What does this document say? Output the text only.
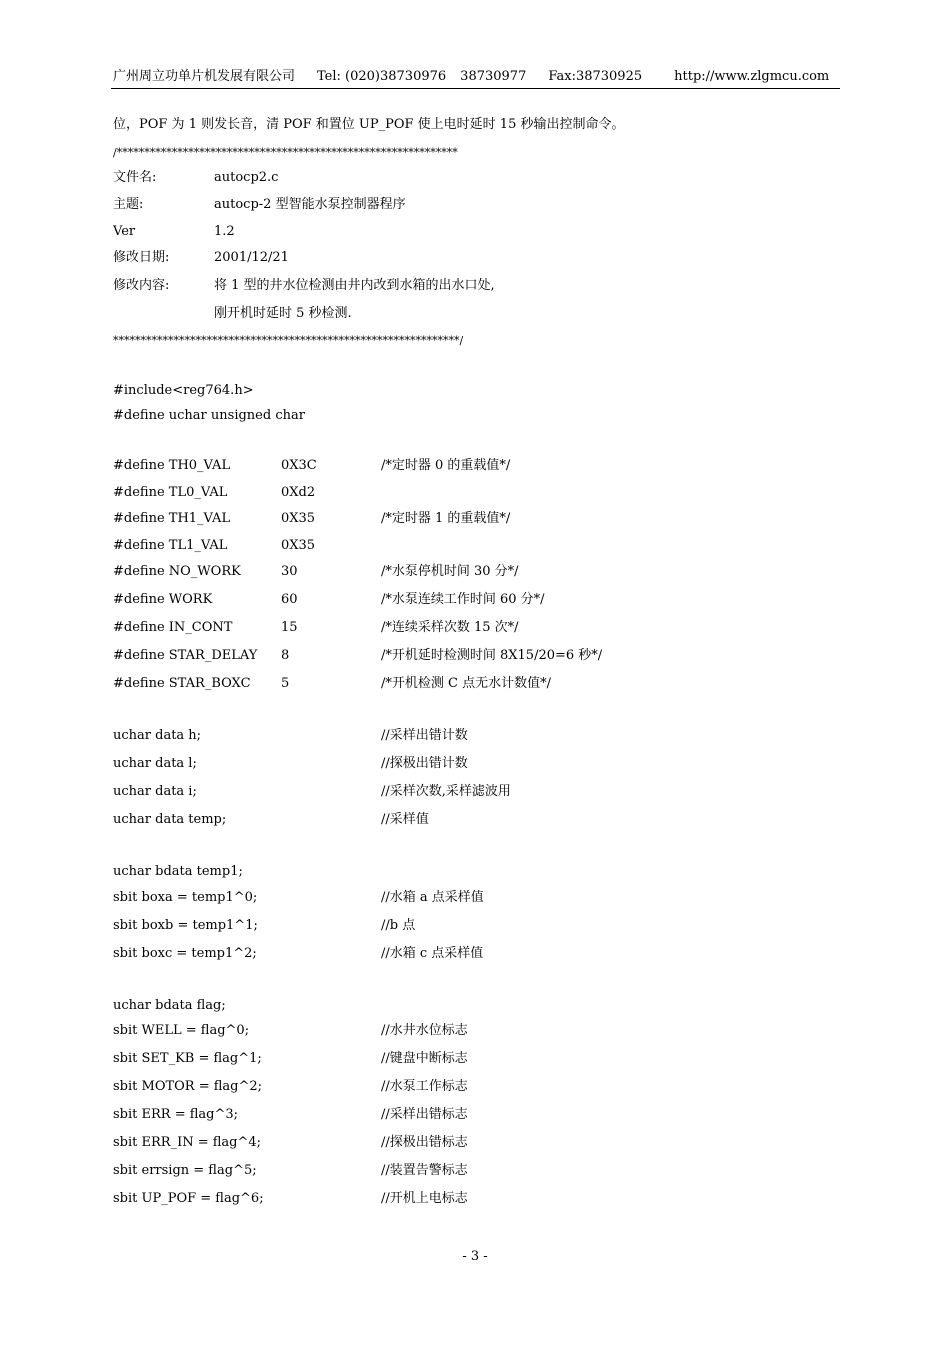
广州周立功单片机发展有限公司 Tel: (020)38730976 38730977 Fax:38730925 http://www.zlgmcu.com
位，POF 为 1 则发长音，清 POF 和置位 UP_POF 使上电时延时 15 秒输出控制命令。
/**************************************************************
文件名:	autocp2.c
主题:	autocp-2 型智能水泵控制器程序
Ver	1.2
修改日期:	2001/12/21
修改内容:	将 1 型的井水位检测由井内改到水箱的出水口处,
刚开机时延时 5 秒检测.
***************************************************************/
#include<reg764.h>
#define uchar unsigned char
#define TH0_VAL	0X3C	/*定时器 0 的重载值*/
#define TL0_VAL	0Xd2
#define TH1_VAL	0X35	/*定时器 1 的重载值*/
#define TL1_VAL	0X35
#define NO_WORK	30	/*水泵停机时间 30 分*/
#define WORK	60	/*水泵连续工作时间 60 分*/
#define IN_CONT	15	/*连续采样次数 15 次*/
#define STAR_DELAY 8	/*开机延时检测时间 8X15/20=6 秒*/
#define STAR_BOXC 5	/*开机检测 C 点无水计数值*/
uchar data h;	//采样出错计数
uchar data l;	//探极出错计数
uchar data i;	//采样次数,采样滤波用
uchar data temp;	//采样值
uchar bdata temp1;
sbit boxa = temp1^0;	//水箱 a 点采样值
sbit boxb = temp1^1;	//b 点
sbit boxc = temp1^2;	//水箱 c 点采样值
uchar bdata flag;
sbit WELL = flag^0;	//水井水位标志
sbit SET_KB = flag^1;	//键盘中断标志
sbit MOTOR = flag^2;	//水泵工作标志
sbit ERR = flag^3;	//采样出错标志
sbit ERR_IN = flag^4;	//探极出错标志
sbit errsign = flag^5;	//装置告警标志
sbit UP_POF = flag^6;	//开机上电标志
- 3 -
